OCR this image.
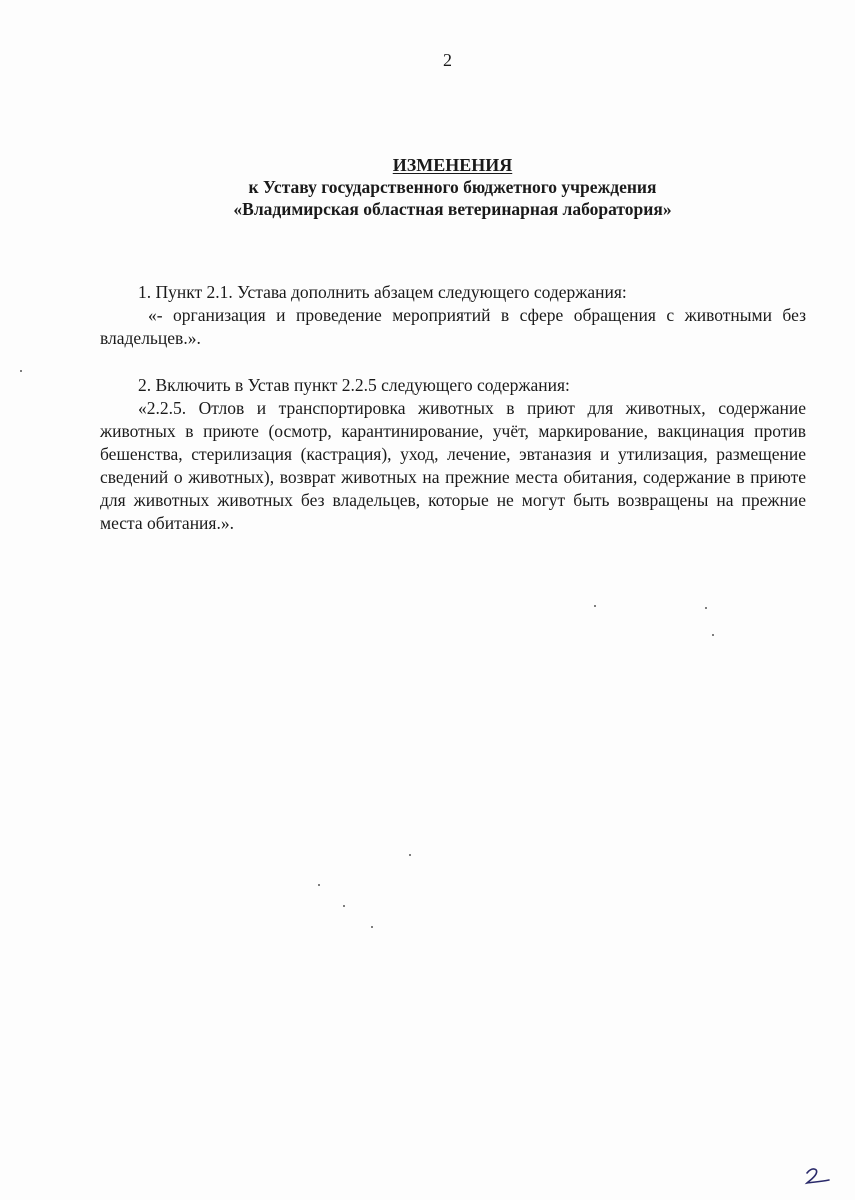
2
ИЗМЕНЕНИЯ
к Уставу государственного бюджетного учреждения
«Владимирская областная ветеринарная лаборатория»

1. Пункт 2.1. Устава дополнить абзацем следующего содержания:

«- организация и проведение мероприятий в сфере обращения с животными без владельцев.».

2. Включить в Устав пункт 2.2.5 следующего содержания:

«2.2.5. Отлов и транспортировка животных в приют для животных, содержание животных в приюте (осмотр, карантинирование, учёт, маркирование, вакцинация против бешенства, стерилизация (кастрация), уход, лечение, эвтаназия и утилизация, размещение сведений о животных), возврат животных на прежние места обитания, содержание в приюте для животных животных без владельцев, которые не могут быть возвращены на прежние места обитания.».
